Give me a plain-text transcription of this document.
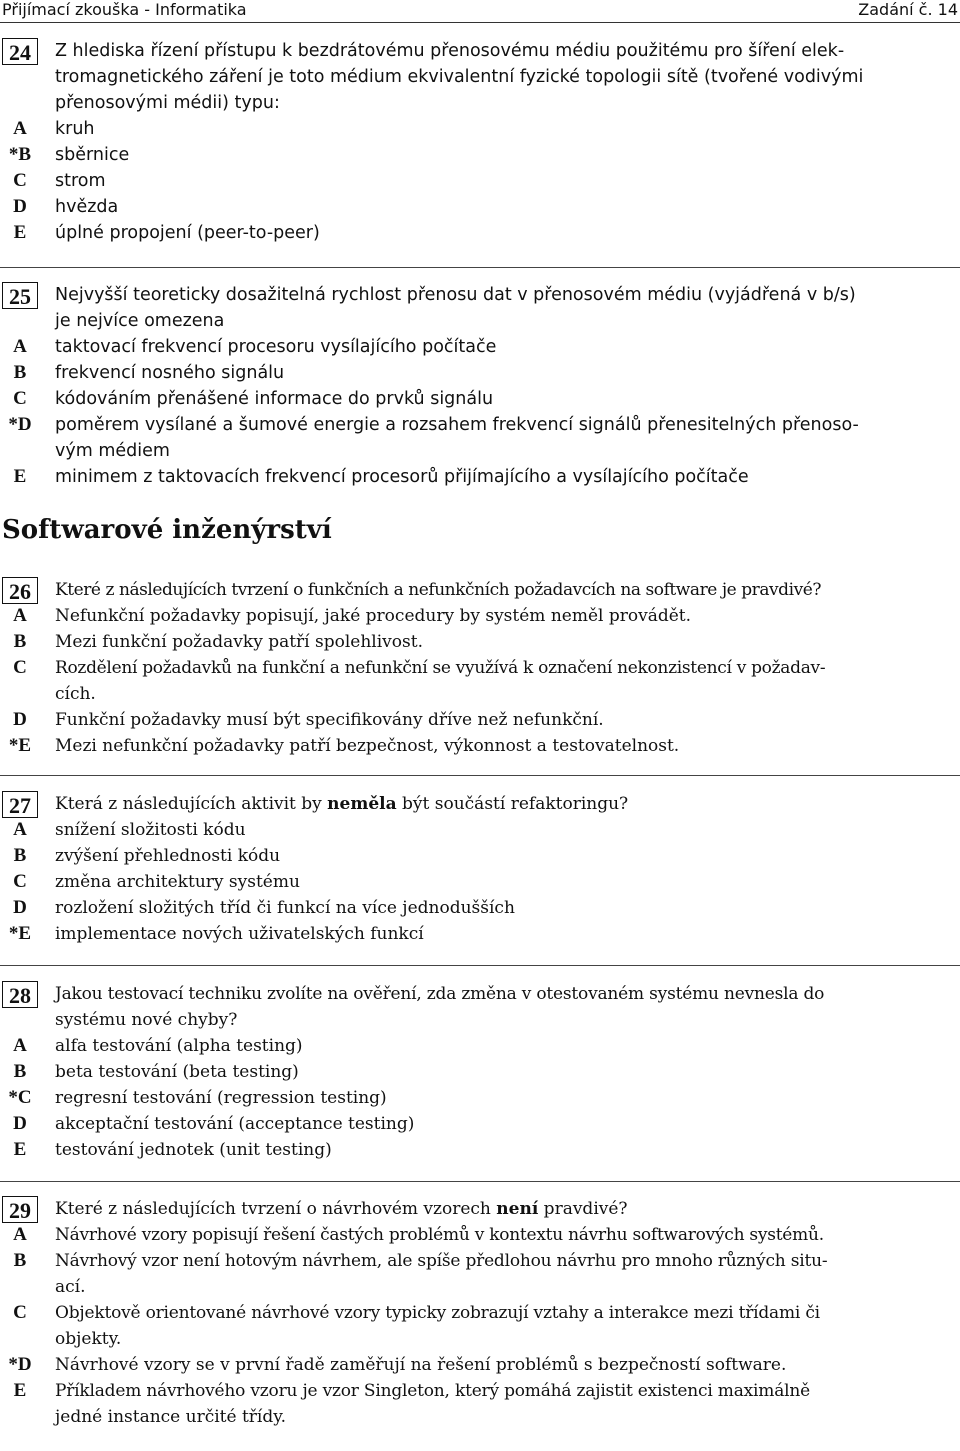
Přijímací zkouška - Informatika	Zadání č. 14
24	Z hlediska řízení přístupu k bezdrátovému přenosovému médiu použitému pro šíření elek-
tromagnetického záření je toto médium ekvivalentní fyzické topologii sítě (tvořené vodivými
přenosovými médii) typu:
A	kruh
*B	sběrnice
C	strom
D	hvězda
E	úplné propojení (peer-to-peer)
25	Nejvyšší teoreticky dosažitelná rychlost přenosu dat v přenosovém médiu (vyjádřená v b/s)
je nejvíce omezena
A	taktovací frekvencí procesoru vysílajícího počítače
B	frekvencí nosného signálu
C	kódováním přenášené informace do prvků signálu
*D	poměrem vysílané a šumové energie a rozsahem frekvencí signálů přenesitelných přenoso-
vým médiem
E	minimem z taktovacích frekvencí procesorů přijímajícího a vysílajícího počítače
Softwarové inženýrství
26	Které z následujících tvrzení o funkčních a nefunkčních požadavcích na software je pravdivé?
A	Nefunkční požadavky popisují, jaké procedury by systém neměl provádět.
B	Mezi funkční požadavky patří spolehlivost.
C	Rozdělení požadavků na funkční a nefunkční se využívá k označení nekonzistencí v požadav-
cích.
D	Funkční požadavky musí být specifikovány dříve než nefunkční.
*E	Mezi nefunkční požadavky patří bezpečnost, výkonnost a testovatelnost.
27	Která z následujících aktivit by neměla být součástí refaktoringu?
A	snížení složitosti kódu
B	zvýšení přehlednosti kódu
C	změna architektury systému
D	rozložení složitých tříd či funkcí na více jednodušších
*E	implementace nových uživatelských funkcí
28	Jakou testovací techniku zvolíte na ověření, zda změna v otestovaném systému nevnesla do
systému nové chyby?
A	alfa testování (alpha testing)
B	beta testování (beta testing)
*C	regresní testování (regression testing)
D	akceptační testování (acceptance testing)
E	testování jednotek (unit testing)
29	Které z následujících tvrzení o návrhovém vzorech není pravdivé?
A	Návrhové vzory popisují řešení častých problémů v kontextu návrhu softwarových systémů.
B	Návrhový vzor není hotovým návrhem, ale spíše předlohou návrhu pro mnoho různých situ-
ací.
C	Objektově orientované návrhové vzory typicky zobrazují vztahy a interakce mezi třídami či
objekty.
*D	Návrhové vzory se v první řadě zaměřují na řešení problémů s bezpečností software.
E	Příkladem návrhového vzoru je vzor Singleton, který pomáhá zajistit existenci maximálně
jedné instance určité třídy.
